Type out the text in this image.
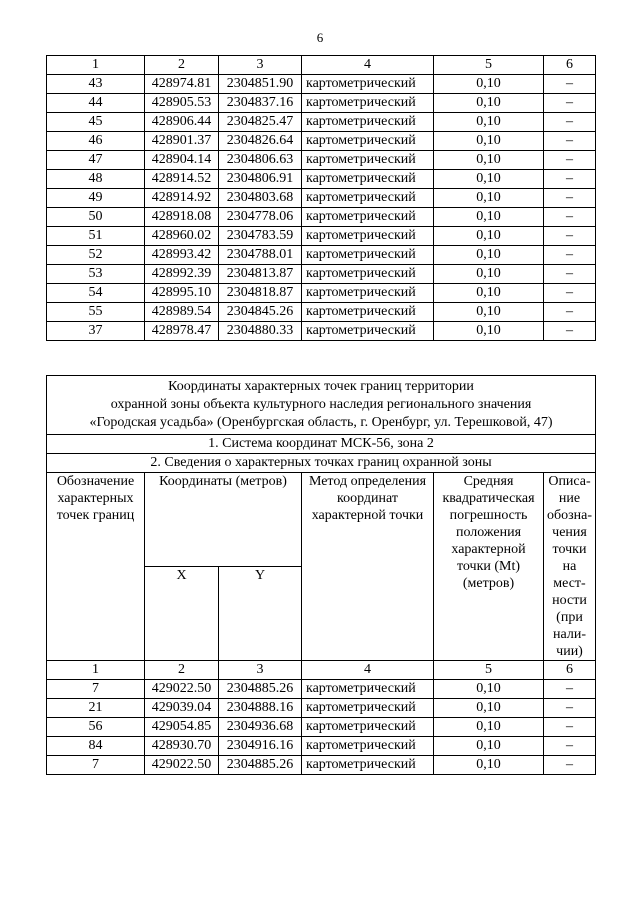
6
1	2	3	4	5	6
43	428974.81	2304851.90	картометрический	0,10	–
44	428905.53	2304837.16	картометрический	0,10	–
45	428906.44	2304825.47	картометрический	0,10	–
46	428901.37	2304826.64	картометрический	0,10	–
47	428904.14	2304806.63	картометрический	0,10	–
48	428914.52	2304806.91	картометрический	0,10	–
49	428914.92	2304803.68	картометрический	0,10	–
50	428918.08	2304778.06	картометрический	0,10	–
51	428960.02	2304783.59	картометрический	0,10	–
52	428993.42	2304788.01	картометрический	0,10	–
53	428992.39	2304813.87	картометрический	0,10	–
54	428995.10	2304818.87	картометрический	0,10	–
55	428989.54	2304845.26	картометрический	0,10	–
37	428978.47	2304880.33	картометрический	0,10	–
Координаты характерных точек границ территории
охранной зоны объекта культурного наследия регионального значения
«Городская усадьба» (Оренбургская область, г. Оренбург, ул. Терешковой, 47)					

1. Система координат МСК-56, зона 2					
2. Сведения о характерных точках границ охранной зоны					
Обозначение характерных точек границ	Координаты (метров)		Метод определения координат характерной точки	Средняя квадратическая погрешность положения характерной точки (Mt) (метров)	Описа-ние обозна-чения точки на мест-ности (при нали-чии)
	X	Y			
1	2	3	4	5	6
7	429022.50	2304885.26	картометрический	0,10	–
21	429039.04	2304888.16	картометрический	0,10	–
56	429054.85	2304936.68	картометрический	0,10	–
84	428930.70	2304916.16	картометрический	0,10	–
7	429022.50	2304885.26	картометрический	0,10	–
